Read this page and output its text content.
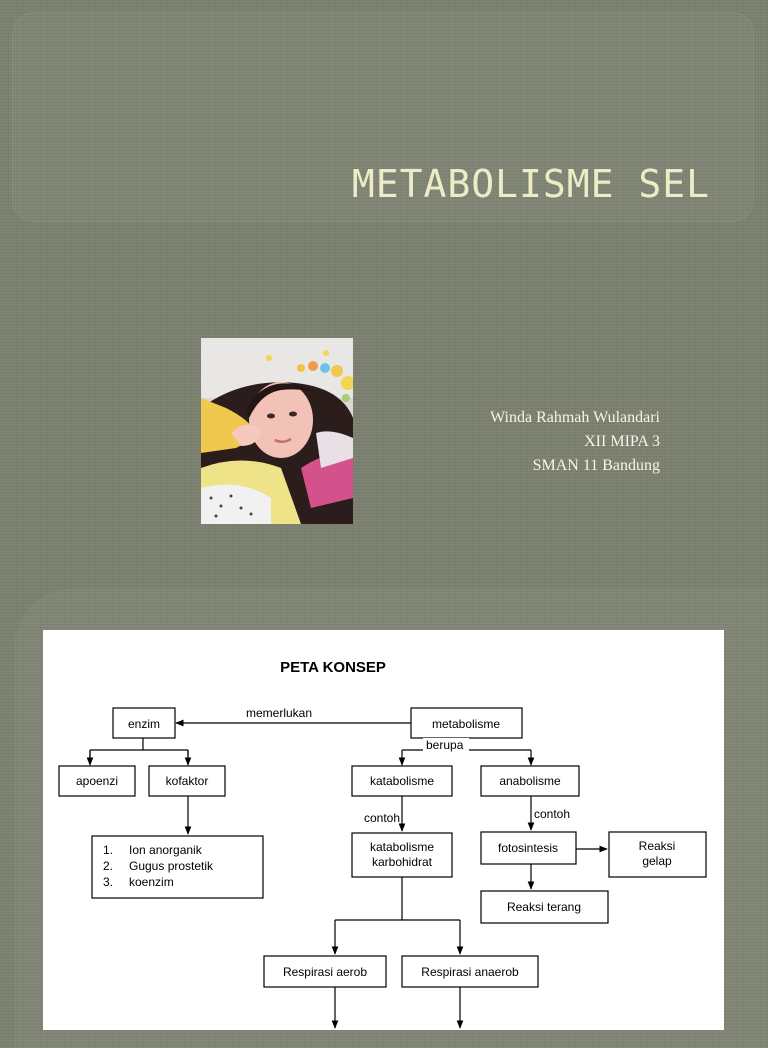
METABOLISME SEL
Winda Rahmah Wulandari
XII MIPA 3
SMAN 11 Bandung
PETA KONSEP
enzim	metabolisme
apoenzi	kofaktor	katabolisme	anabolisme
katabolisme
karbohidrat
fotosintesis	Reaksi
gelap
Reaksi terang
Respirasi aerob	Respirasi anaerob
1. Ion anorganik
2. Gugus prostetik
3. koenzim
memerlukan
berupa
contoh	contoh
